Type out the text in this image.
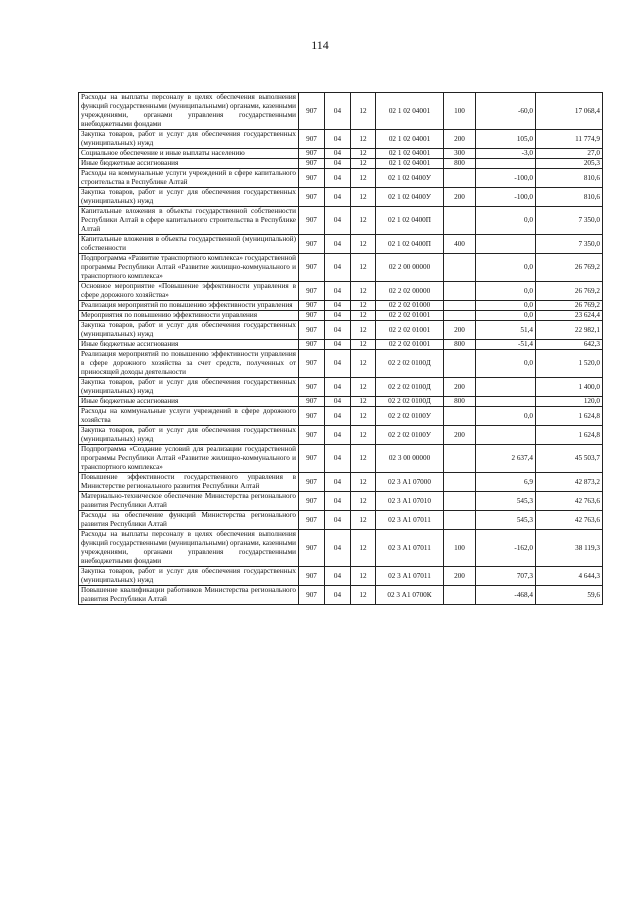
114
Расходы на выплаты персоналу в целях обеспечения выполнения функций государственными (муниципальными) органами, казенными учреждениями, органами управления государственными внебюджетными фондами	907	04	12	02 1 02 04001	100	-60,0	17 068,4
Закупка товаров, работ и услуг для обеспечения государственных (муниципальных) нужд	907	04	12	02 1 02 04001	200	105,0	11 774,9
Социальное обеспечение и иные выплаты населению	907	04	12	02 1 02 04001	300	-3,0	27,0
Иные бюджетные ассигнования	907	04	12	02 1 02 04001	800		205,3
Расходы на коммунальные услуги учреждений в сфере капитального строительства в Республике Алтай	907	04	12	02 1 02 0400У		-100,0	810,6
Закупка товаров, работ и услуг для обеспечения государственных (муниципальных) нужд	907	04	12	02 1 02 0400У	200	-100,0	810,6
Капитальные вложения в объекты государственной собственности Республики Алтай в сфере капитального строительства в Республике Алтай	907	04	12	02 1 02 0400П		0,0	7 350,0
Капитальные вложения в объекты государственной (муниципальной) собственности	907	04	12	02 1 02 0400П	400		7 350,0
Подпрограмма «Развитие транспортного комплекса» государственной программы Республики Алтай «Развитие жилищно-коммунального и транспортного комплекса»	907	04	12	02 2 00 00000		0,0	26 769,2
Основное мероприятие «Повышение эффективности управления в сфере дорожного хозяйства»	907	04	12	02 2 02 00000		0,0	26 769,2
Реализация мероприятий по повышению эффективности управления	907	04	12	02 2 02 01000		0,0	26 769,2
Мероприятия по повышению эффективности управления	907	04	12	02 2 02 01001		0,0	23 624,4
Закупка товаров, работ и услуг для обеспечения государственных (муниципальных) нужд	907	04	12	02 2 02 01001	200	51,4	22 982,1
Иные бюджетные ассигнования	907	04	12	02 2 02 01001	800	-51,4	642,3
Реализация мероприятий по повышению эффективности управления в сфере дорожного хозяйства за счет средств, полученных от приносящей доходы деятельности	907	04	12	02 2 02 0100Д		0,0	1 520,0
Закупка товаров, работ и услуг для обеспечения государственных (муниципальных) нужд	907	04	12	02 2 02 0100Д	200		1 400,0
Иные бюджетные ассигнования	907	04	12	02 2 02 0100Д	800		120,0
Расходы на коммунальные услуги учреждений в сфере дорожного хозяйства	907	04	12	02 2 02 0100У		0,0	1 624,8
Закупка товаров, работ и услуг для обеспечения государственных (муниципальных) нужд	907	04	12	02 2 02 0100У	200		1 624,8
Подпрограмма «Создание условий для реализации государственной программы Республики Алтай «Развитие жилищно-коммунального и транспортного комплекса»	907	04	12	02 3 00 00000		2 637,4	45 503,7
Повышение эффективности государственного управления в Министерстве регионального развития Республики Алтай	907	04	12	02 3 А1 07000		6,9	42 873,2
Материально-техническое обеспечение Министерства регионального развития Республики Алтай	907	04	12	02 3 А1 07010		545,3	42 763,6
Расходы на обеспечение функций Министерства регионального развития Республики Алтай	907	04	12	02 3 А1 07011		545,3	42 763,6
Расходы на выплаты персоналу в целях обеспечения выполнения функций государственными (муниципальными) органами, казенными учреждениями, органами управления государственными внебюджетными фондами	907	04	12	02 3 А1 07011	100	-162,0	38 119,3
Закупка товаров, работ и услуг для обеспечения государственных (муниципальных) нужд	907	04	12	02 3 А1 07011	200	707,3	4 644,3
Повышение квалификации работников Министерства регионального развития Республики Алтай	907	04	12	02 3 А1 0700К		-468,4	59,6
